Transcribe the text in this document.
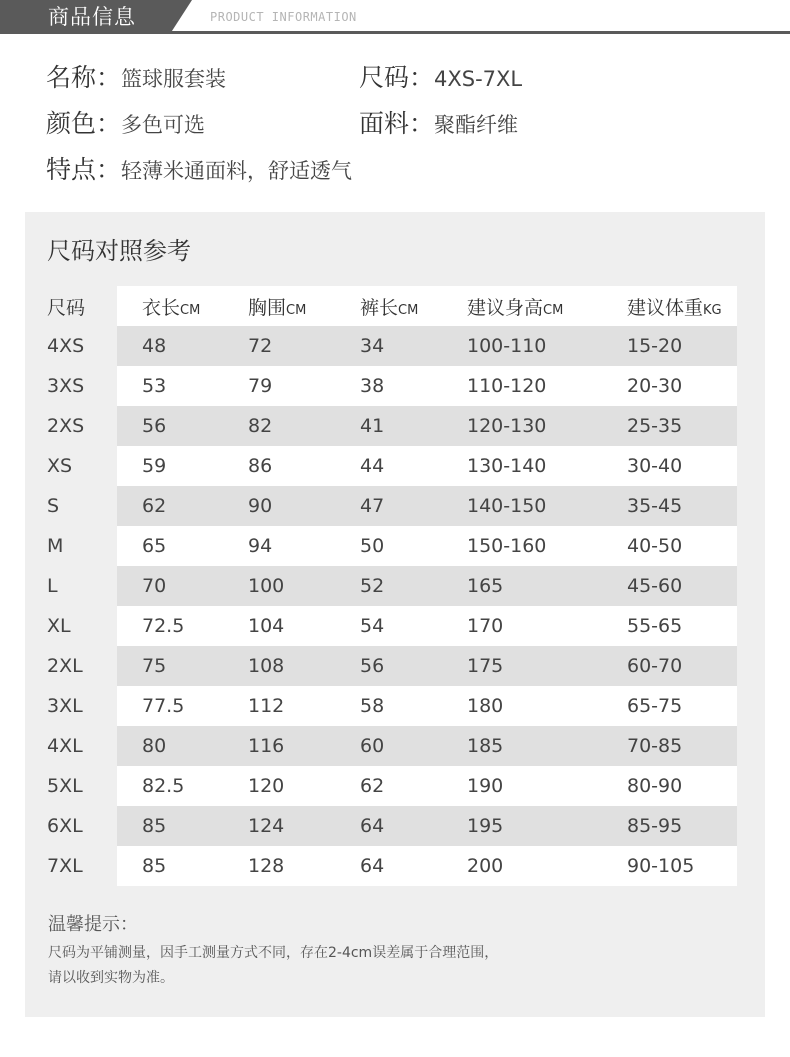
商品信息	PRODUCT INFORMATION
名称：篮球服套装	尺码：4XS-7XL
颜色：多色可选	面料：聚酯纤维
特点：轻薄米通面料，舒适透气
尺码对照参考
尺码	衣长CM	胸围CM	裤长CM	建议身高CM	建议体重KG
4XS	48	72	34	100-110	15-20
3XS	53	79	38	110-120	20-30
2XS	56	82	41	120-130	25-35
XS	59	86	44	130-140	30-40
S	62	90	47	140-150	35-45
M	65	94	50	150-160	40-50
L	70	100	52	165	45-60
XL	72.5	104	54	170	55-65
2XL	75	108	56	175	60-70
3XL	77.5	112	58	180	65-75
4XL	80	116	60	185	70-85
5XL	82.5	120	62	190	80-90
6XL	85	124	64	195	85-95
7XL	85	128	64	200	90-105
温馨提示：
尺码为平铺测量，因手工测量方式不同，存在2-4cm误差属于合理范围，
请以收到实物为准。
